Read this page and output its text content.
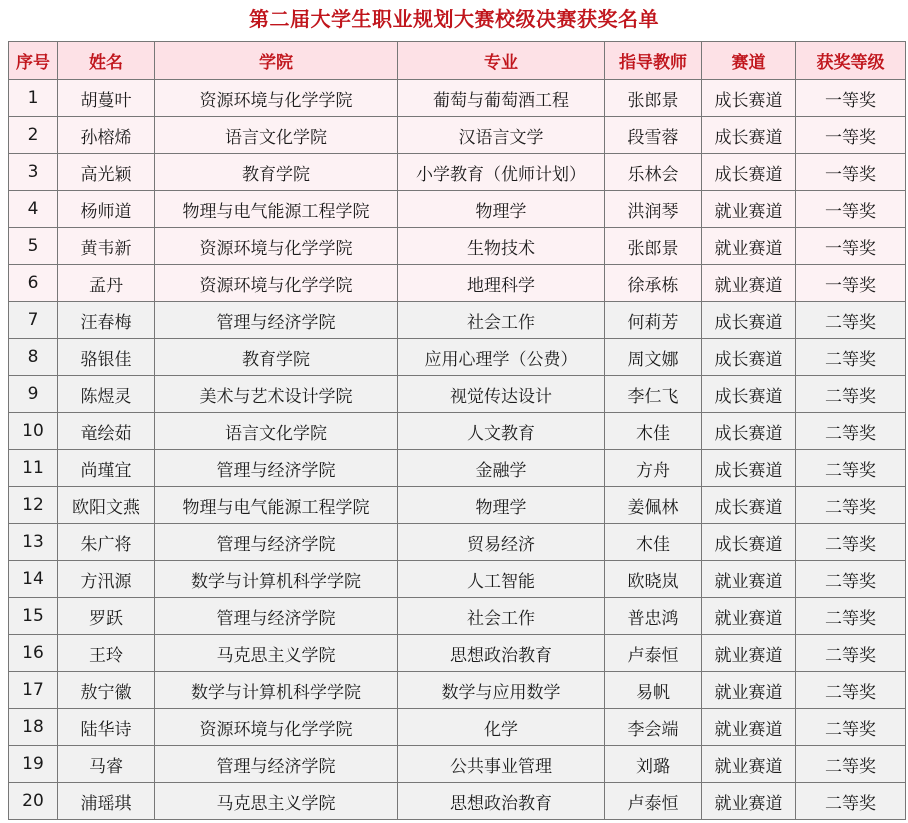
第二届大学生职业规划大赛校级决赛获奖名单
序号	姓名	学院	专业	指导教师	赛道	获奖等级
1	胡蔓叶	资源环境与化学学院	葡萄与葡萄酒工程	张郎景	成长赛道	一等奖
2	孙榕烯	语言文化学院	汉语言文学	段雪蓉	成长赛道	一等奖
3	高光颖	教育学院	小学教育（优师计划）	乐林会	成长赛道	一等奖
4	杨师道	物理与电气能源工程学院	物理学	洪润琴	就业赛道	一等奖
5	黄韦新	资源环境与化学学院	生物技术	张郎景	就业赛道	一等奖
6	孟丹	资源环境与化学学院	地理科学	徐承栋	就业赛道	一等奖
7	汪春梅	管理与经济学院	社会工作	何莉芳	成长赛道	二等奖
8	骆银佳	教育学院	应用心理学（公费）	周文娜	成长赛道	二等奖
9	陈煜灵	美术与艺术设计学院	视觉传达设计	李仁飞	成长赛道	二等奖
10	竜绘茹	语言文化学院	人文教育	木佳	成长赛道	二等奖
11	尚瑾宜	管理与经济学院	金融学	方舟	成长赛道	二等奖
12	欧阳文燕	物理与电气能源工程学院	物理学	姜佩林	成长赛道	二等奖
13	朱广将	管理与经济学院	贸易经济	木佳	成长赛道	二等奖
14	方汛源	数学与计算机科学学院	人工智能	欧晓岚	就业赛道	二等奖
15	罗跃	管理与经济学院	社会工作	普忠鸿	就业赛道	二等奖
16	王玲	马克思主义学院	思想政治教育	卢泰恒	就业赛道	二等奖
17	敖宁徽	数学与计算机科学学院	数学与应用数学	易帆	就业赛道	二等奖
18	陆华诗	资源环境与化学学院	化学	李会端	就业赛道	二等奖
19	马睿	管理与经济学院	公共事业管理	刘璐	就业赛道	二等奖
20	浦瑶琪	马克思主义学院	思想政治教育	卢泰恒	就业赛道	二等奖
